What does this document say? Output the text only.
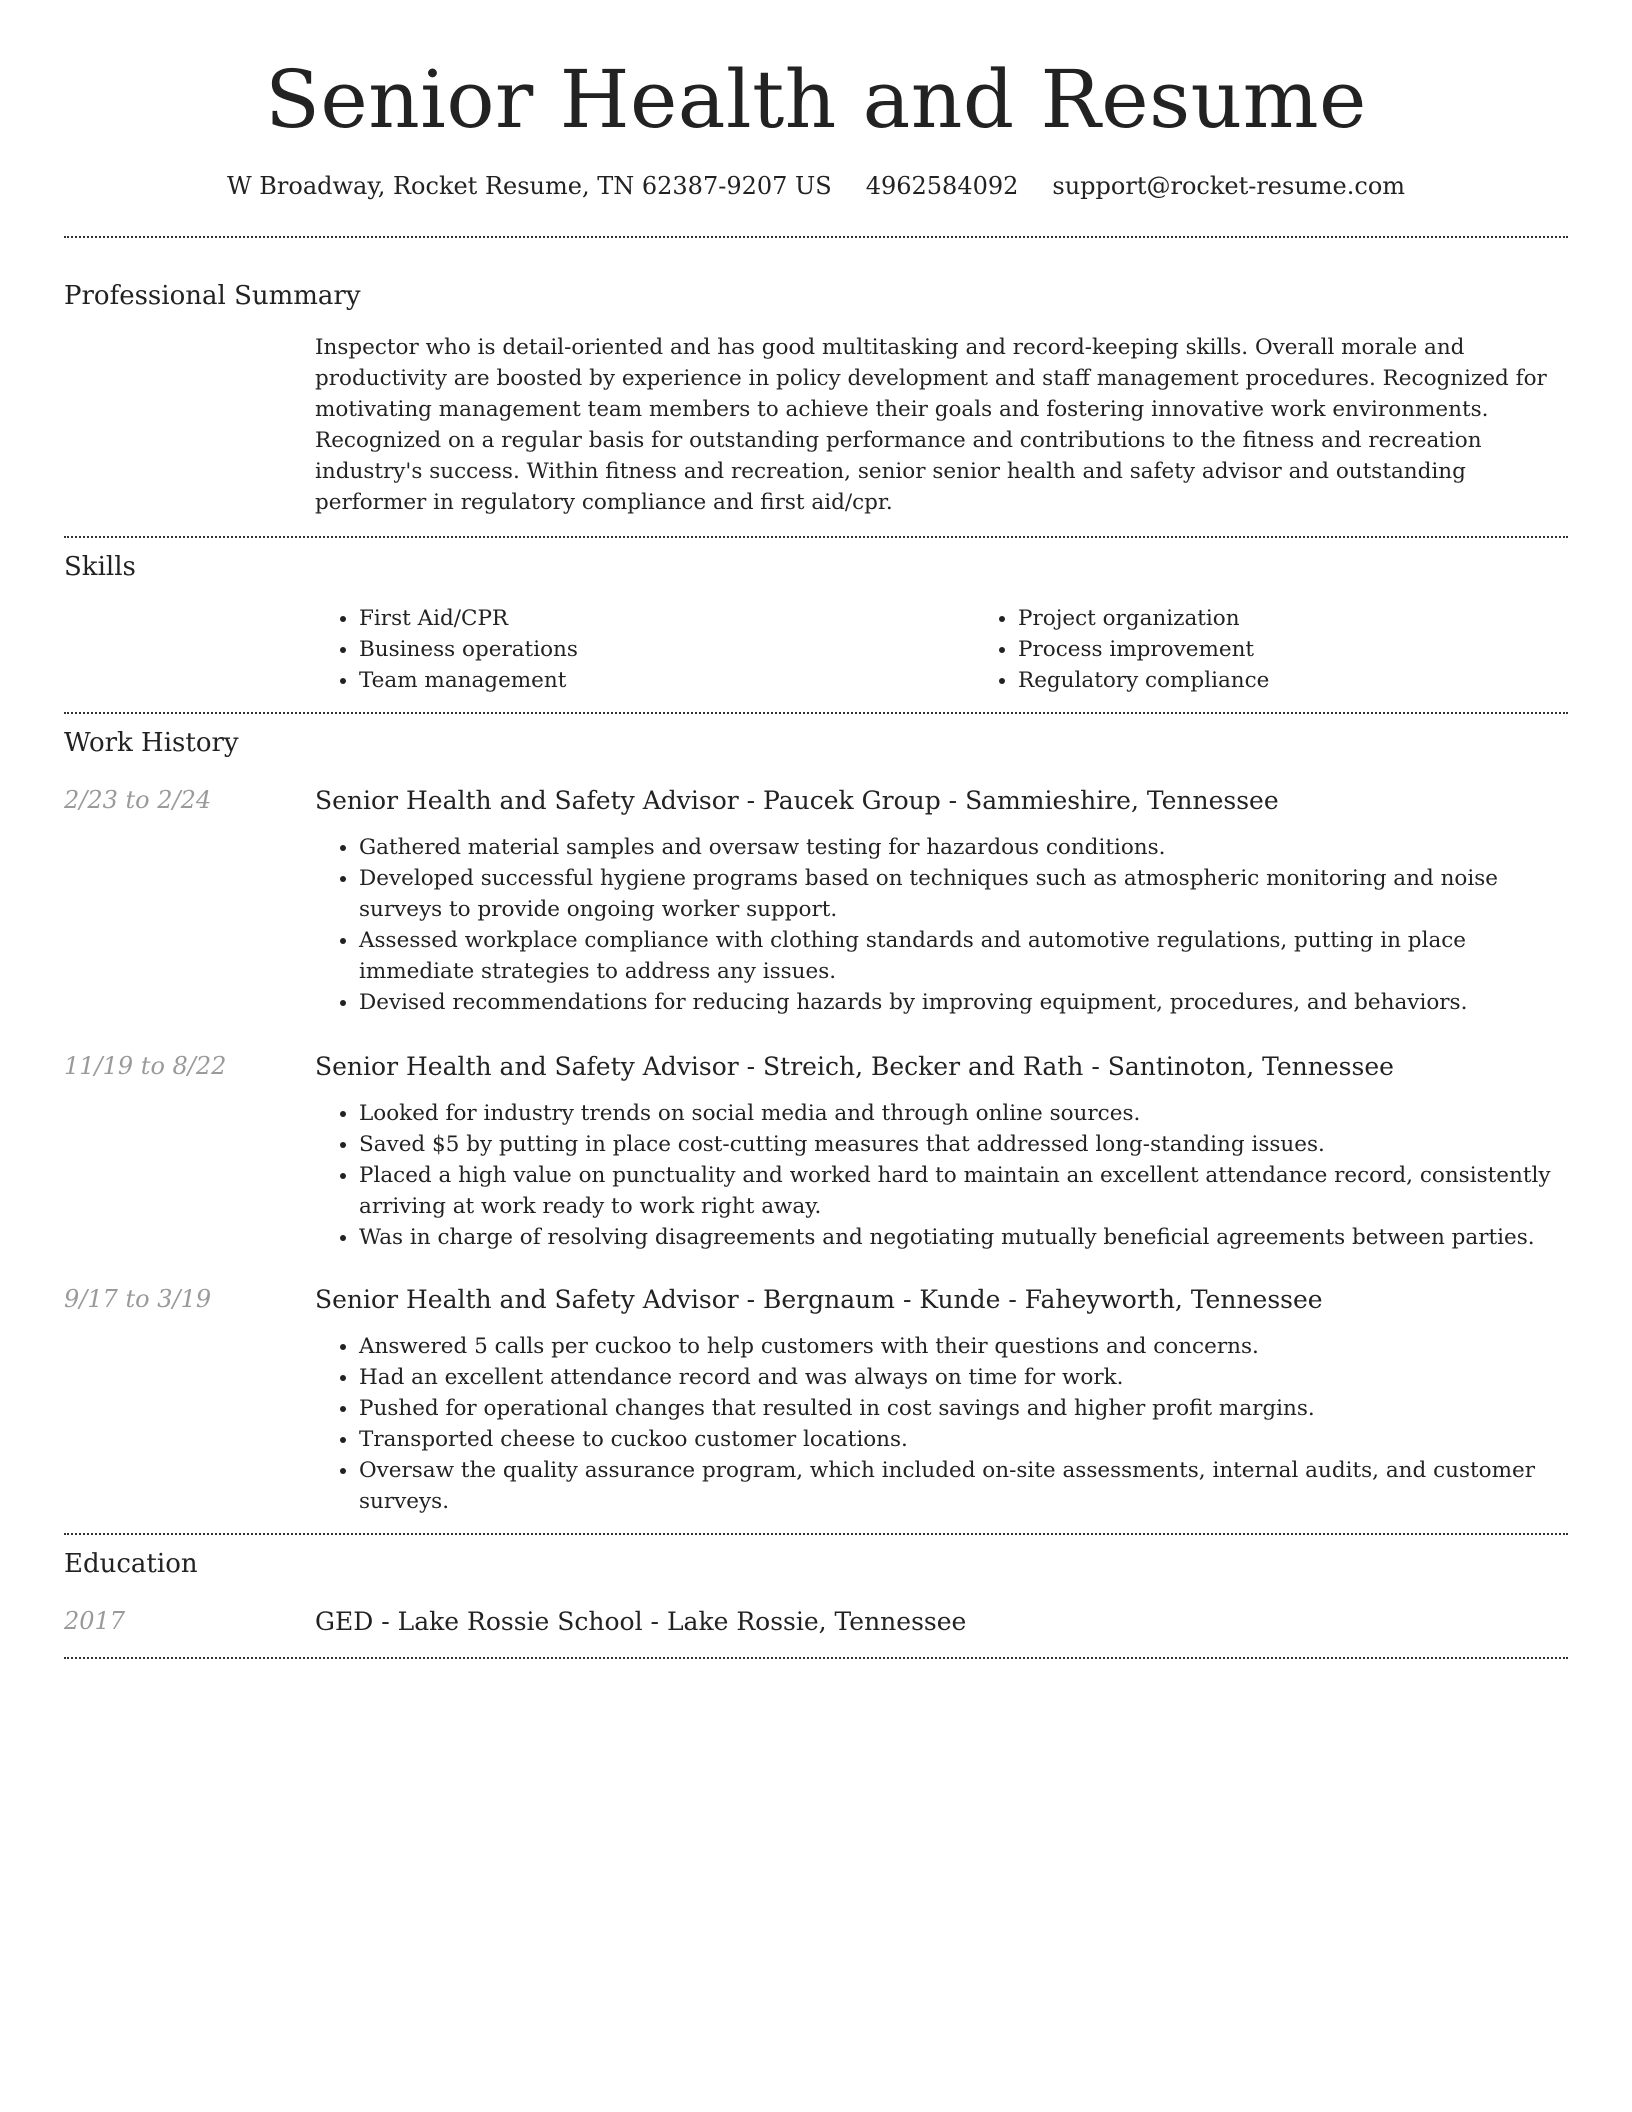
Senior Health and Resume
W Broadway, Rocket Resume, TN 62387-9207 US 4962584092 support@rocket-resume.com
Professional Summary

Inspector who is detail-oriented and has good multitasking and record-keeping skills. Overall morale and productivity are boosted by experience in policy development and staff management procedures. Recognized for motivating management team members to achieve their goals and fostering innovative work environments. Recognized on a regular basis for outstanding performance and contributions to the fitness and recreation industry's success. Within fitness and recreation, senior senior health and safety advisor and outstanding performer in regulatory compliance and first aid/cpr.

Skills
• First Aid/CPR
• Business operations
• Team management
• Project organization
• Process improvement
• Regulatory compliance
Work History
2/23 to 2/24	Senior Health and Safety Advisor - Paucek Group - Sammieshire, Tennessee

• Gathered material samples and oversaw testing for hazardous conditions.
• Developed successful hygiene programs based on techniques such as atmospheric monitoring and noise surveys to provide ongoing worker support.
• Assessed workplace compliance with clothing standards and automotive regulations, putting in place immediate strategies to address any issues.
• Devised recommendations for reducing hazards by improving equipment, procedures, and behaviors.
11/19 to 8/22	Senior Health and Safety Advisor - Streich, Becker and Rath - Santinoton, Tennessee

• Looked for industry trends on social media and through online sources.
• Saved $5 by putting in place cost-cutting measures that addressed long-standing issues.
• Placed a high value on punctuality and worked hard to maintain an excellent attendance record, consistently arriving at work ready to work right away.
• Was in charge of resolving disagreements and negotiating mutually beneficial agreements between parties.
9/17 to 3/19	Senior Health and Safety Advisor - Bergnaum - Kunde - Faheyworth, Tennessee

• Answered 5 calls per cuckoo to help customers with their questions and concerns.
• Had an excellent attendance record and was always on time for work.
• Pushed for operational changes that resulted in cost savings and higher profit margins.
• Transported cheese to cuckoo customer locations.
• Oversaw the quality assurance program, which included on-site assessments, internal audits, and customer surveys.
Education
2017	GED - Lake Rossie School - Lake Rossie, Tennessee
